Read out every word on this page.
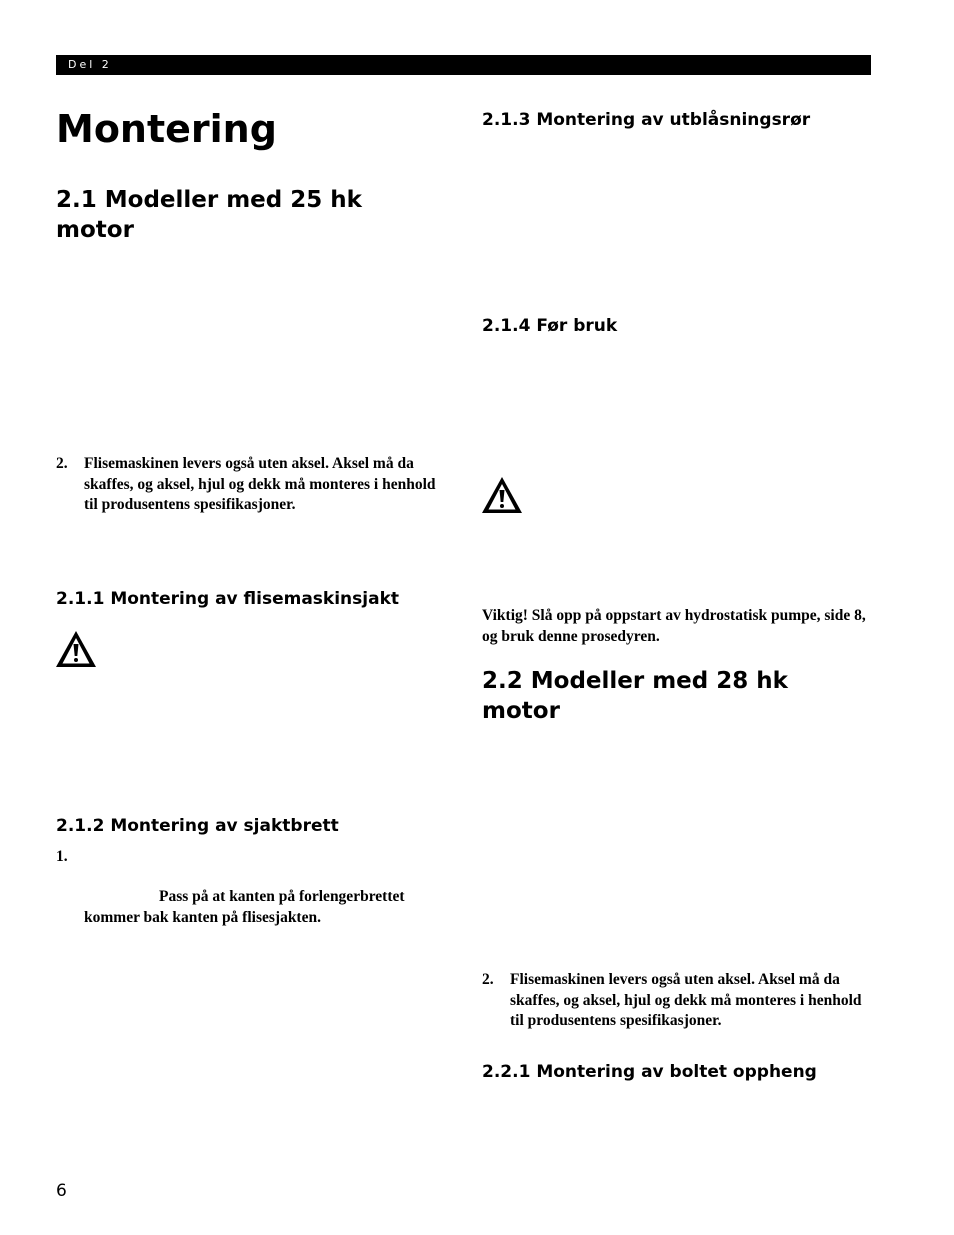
Del 2
Montering
2.1 Modeller med 25 hk motor
2. Flisemaskinen levers også uten aksel. Aksel må da skaffes, og aksel, hjul og dekk må monteres i henhold til produsentens spesifikasjoner.
2.1.1 Montering av flisemaskinsjakt
2.1.2 Montering av sjaktbrett
1.
Pass på at kanten på forlengerbrettet
kommer bak kanten på flisesjakten.
2.1.3 Montering av utblåsningsrør
2.1.4 Før bruk

Viktig! Slå opp på oppstart av hydrostatisk pumpe, side 8, og bruk denne prosedyren.

2.2 Modeller med 28 hk motor
2. Flisemaskinen levers også uten aksel. Aksel må da skaffes, og aksel, hjul og dekk må monteres i henhold til produsentens spesifikasjoner.
2.2.1 Montering av boltet oppheng
6
